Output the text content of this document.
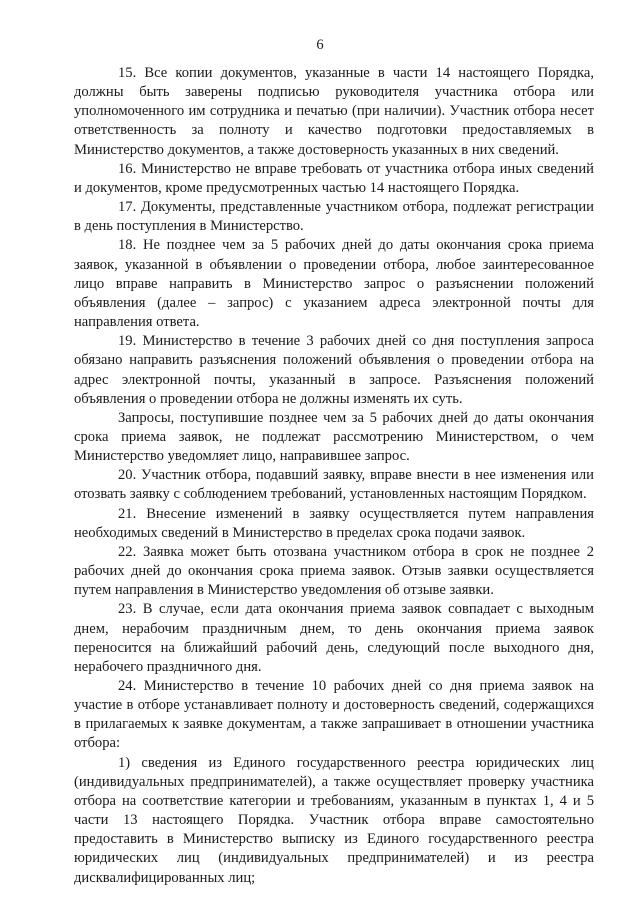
6

15. Все копии документов, указанные в части 14 настоящего Порядка, должны быть заверены подписью руководителя участника отбора или уполномоченного им сотрудника и печатью (при наличии). Участник отбора несет ответственность за полноту и качество подготовки предоставляемых в Министерство документов, а также достоверность указанных в них сведений.

16. Министерство не вправе требовать от участника отбора иных сведений и документов, кроме предусмотренных частью 14 настоящего Порядка.

17. Документы, представленные участником отбора, подлежат регистрации в день поступления в Министерство.

18. Не позднее чем за 5 рабочих дней до даты окончания срока приема заявок, указанной в объявлении о проведении отбора, любое заинтересованное лицо вправе направить в Министерство запрос о разъяснении положений объявления (далее – запрос) с указанием адреса электронной почты для направления ответа.

19. Министерство в течение 3 рабочих дней со дня поступления запроса обязано направить разъяснения положений объявления о проведении отбора на адрес электронной почты, указанный в запросе. Разъяснения положений объявления о проведении отбора не должны изменять их суть.

Запросы, поступившие позднее чем за 5 рабочих дней до даты окончания срока приема заявок, не подлежат рассмотрению Министерством, о чем Министерство уведомляет лицо, направившее запрос.

20. Участник отбора, подавший заявку, вправе внести в нее изменения или отозвать заявку с соблюдением требований, установленных настоящим Порядком.

21. Внесение изменений в заявку осуществляется путем направления необходимых сведений в Министерство в пределах срока подачи заявок.

22. Заявка может быть отозвана участником отбора в срок не позднее 2 рабочих дней до окончания срока приема заявок. Отзыв заявки осуществляется путем направления в Министерство уведомления об отзыве заявки.

23. В случае, если дата окончания приема заявок совпадает с выходным днем, нерабочим праздничным днем, то день окончания приема заявок переносится на ближайший рабочий день, следующий после выходного дня, нерабочего праздничного дня.

24. Министерство в течение 10 рабочих дней со дня приема заявок на участие в отборе устанавливает полноту и достоверность сведений, содержащихся в прилагаемых к заявке документам, а также запрашивает в отношении участника отбора:

1) сведения из Единого государственного реестра юридических лиц (индивидуальных предпринимателей), а также осуществляет проверку участника отбора на соответствие категории и требованиям, указанным в пунктах 1, 4 и 5 части 13 настоящего Порядка. Участник отбора вправе самостоятельно предоставить в Министерство выписку из Единого государственного реестра юридических лиц (индивидуальных предпринимателей) и из реестра дисквалифицированных лиц;
